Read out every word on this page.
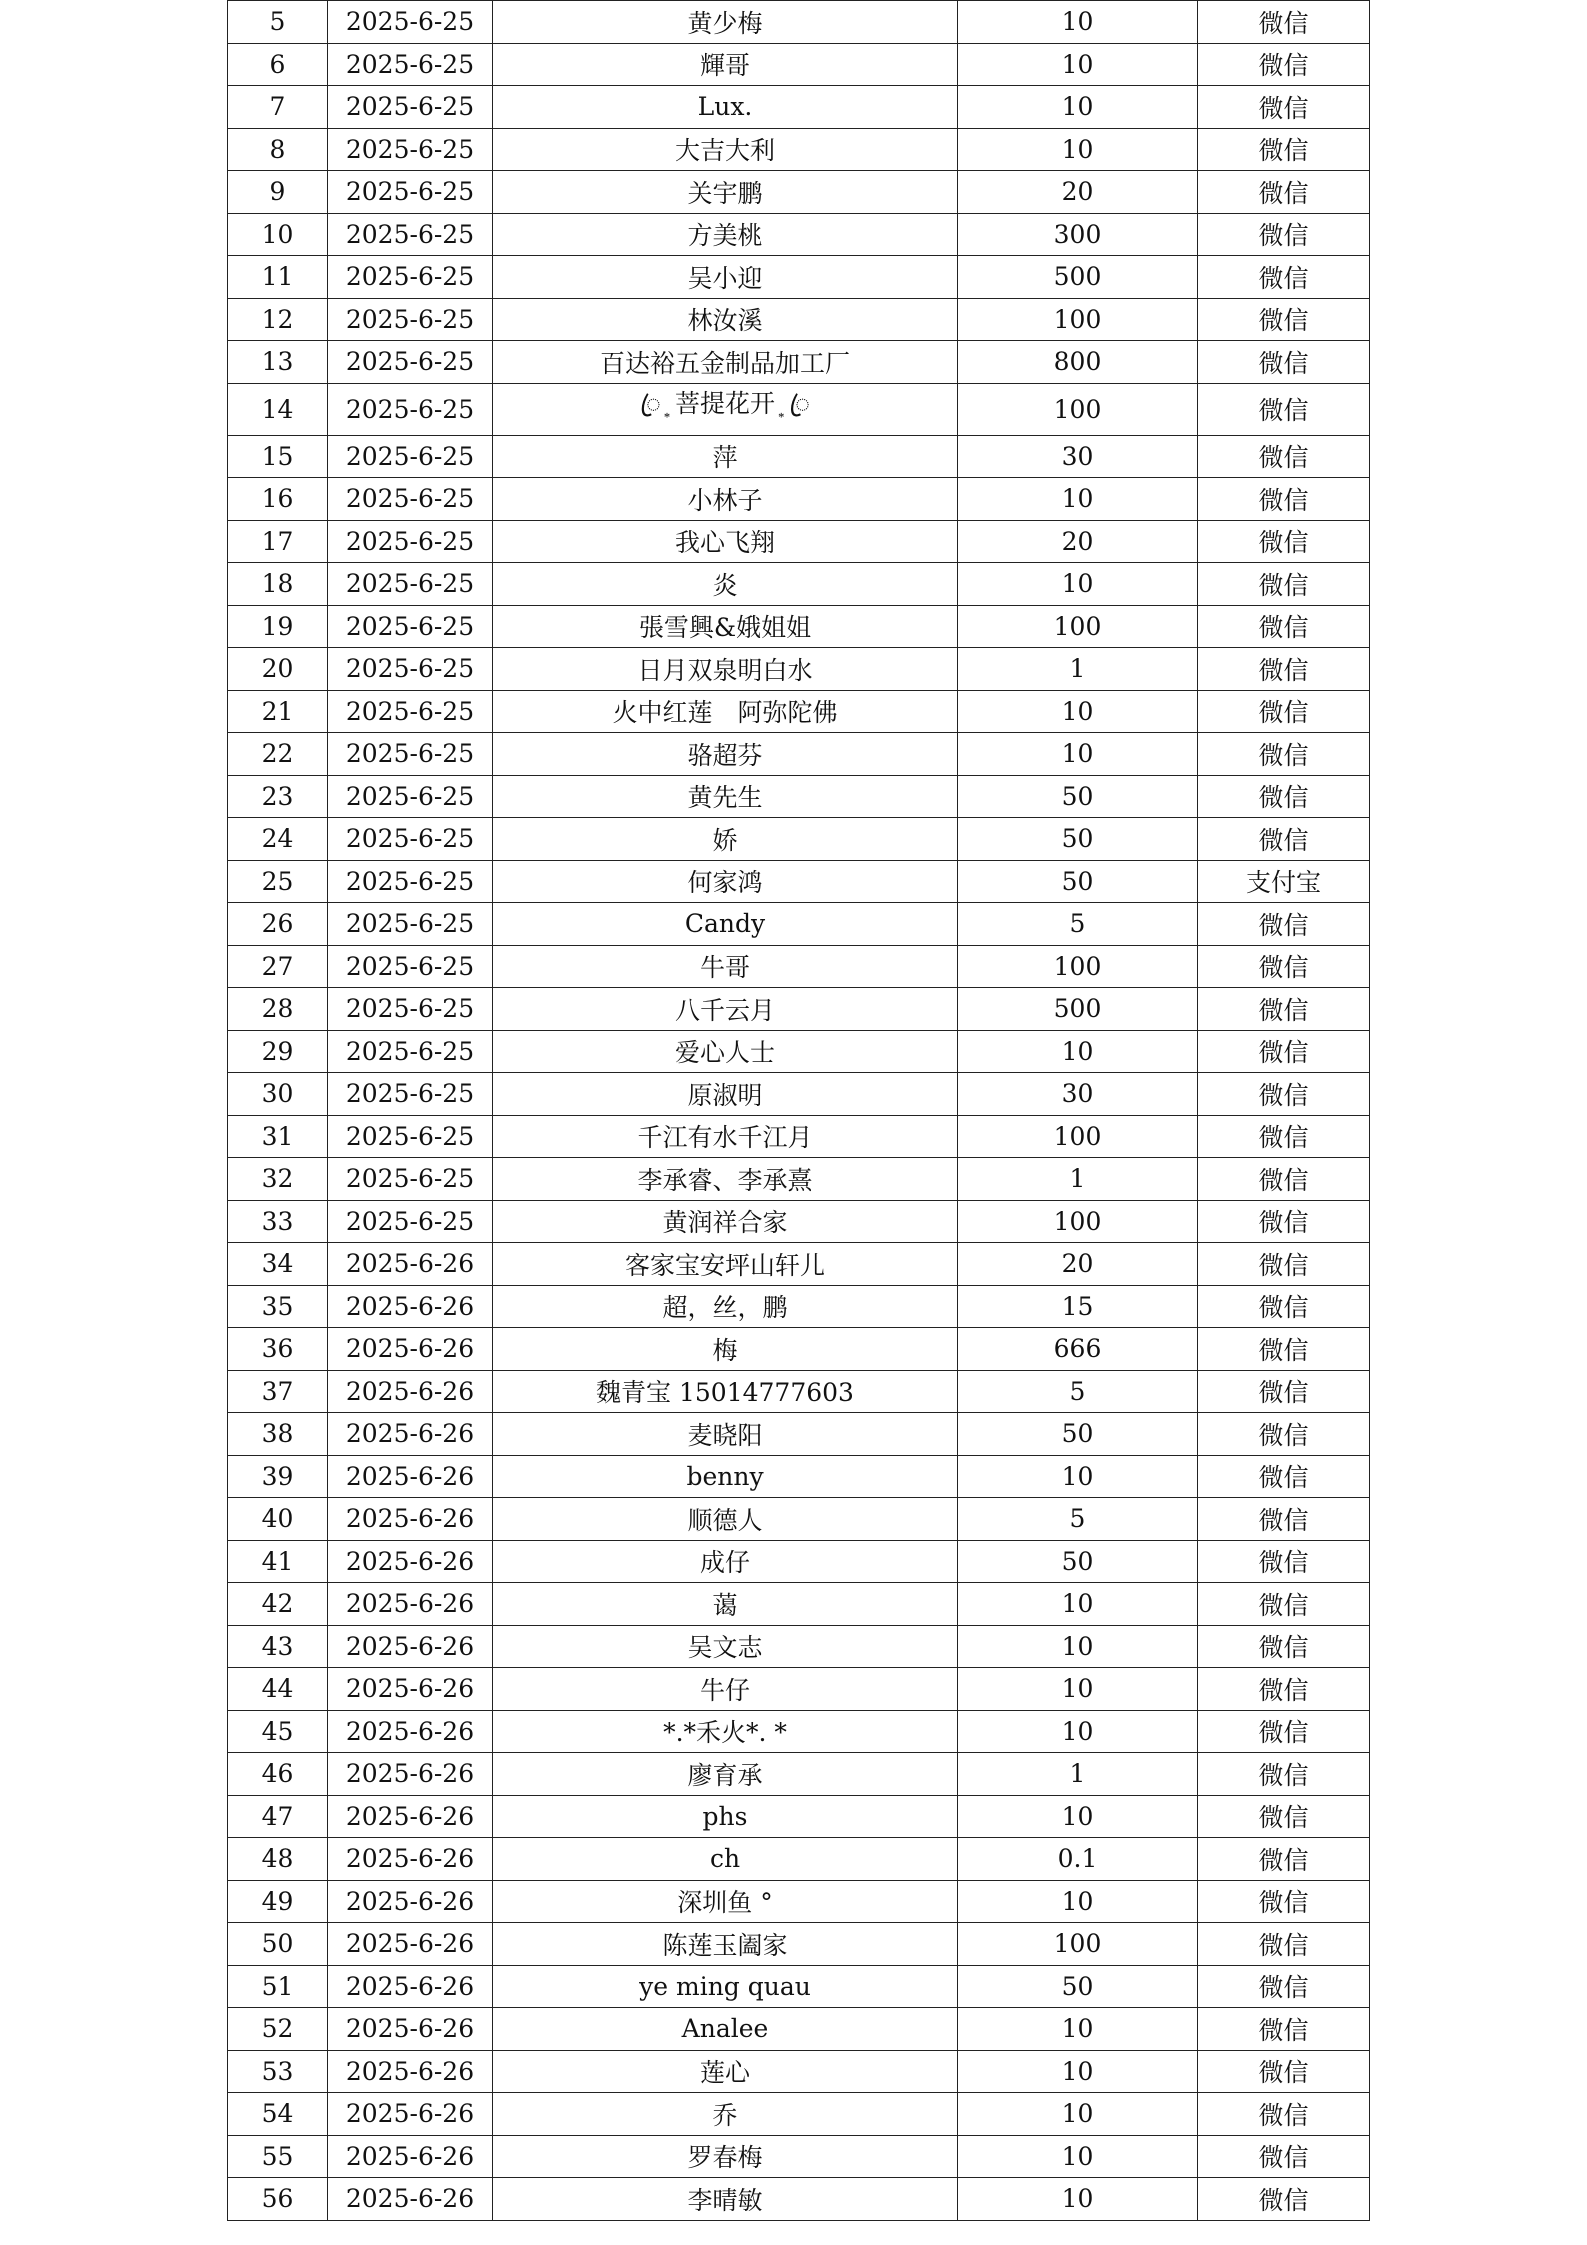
5	2025-6-25	黄少梅	10	微信
6	2025-6-25	輝哥	10	微信
7	2025-6-25	Lux.	10	微信
8	2025-6-25	大吉大利	10	微信
9	2025-6-25	关宇鹏	20	微信
10	2025-6-25	方美桃	300	微信
11	2025-6-25	吴小迎	500	微信
12	2025-6-25	林汝溪	100	微信
13	2025-6-25	百达裕五金制品加工厂	800	微信
14	2025-6-25	ꦿ ͙ 菩提花开 ͙ ꦿ	100	微信
15	2025-6-25	萍	30	微信
16	2025-6-25	小林子	10	微信
17	2025-6-25	我心飞翔	20	微信
18	2025-6-25	炎	10	微信
19	2025-6-25	張雪興&娥姐姐	100	微信
20	2025-6-25	日月双泉明白水	1	微信
21	2025-6-25	火中红莲　阿弥陀佛	10	微信
22	2025-6-25	骆超芬	10	微信
23	2025-6-25	黄先生	50	微信
24	2025-6-25	娇	50	微信
25	2025-6-25	何家鸿	50	支付宝
26	2025-6-25	Candy	5	微信
27	2025-6-25	牛哥	100	微信
28	2025-6-25	八千云月	500	微信
29	2025-6-25	爱心人士	10	微信
30	2025-6-25	原淑明	30	微信
31	2025-6-25	千江有水千江月	100	微信
32	2025-6-25	李承睿、李承熹	1	微信
33	2025-6-25	黄润祥合家	100	微信
34	2025-6-26	客家宝安坪山轩儿	20	微信
35	2025-6-26	超，丝，鹏	15	微信
36	2025-6-26	梅	666	微信
37	2025-6-26	魏青宝 15014777603	5	微信
38	2025-6-26	麦晓阳	50	微信
39	2025-6-26	benny	10	微信
40	2025-6-26	顺德人	5	微信
41	2025-6-26	成仔	50	微信
42	2025-6-26	蔼	10	微信
43	2025-6-26	吴文志	10	微信
44	2025-6-26	牛仔	10	微信
45	2025-6-26	*.*禾火*. *	10	微信
46	2025-6-26	廖育承	1	微信
47	2025-6-26	phs	10	微信
48	2025-6-26	ch	0.1	微信
49	2025-6-26	深圳鱼 °	10	微信
50	2025-6-26	陈莲玉阖家	100	微信
51	2025-6-26	ye ming quau	50	微信
52	2025-6-26	Analee	10	微信
53	2025-6-26	莲心	10	微信
54	2025-6-26	乔	10	微信
55	2025-6-26	罗春梅	10	微信
56	2025-6-26	李晴敏	10	微信
